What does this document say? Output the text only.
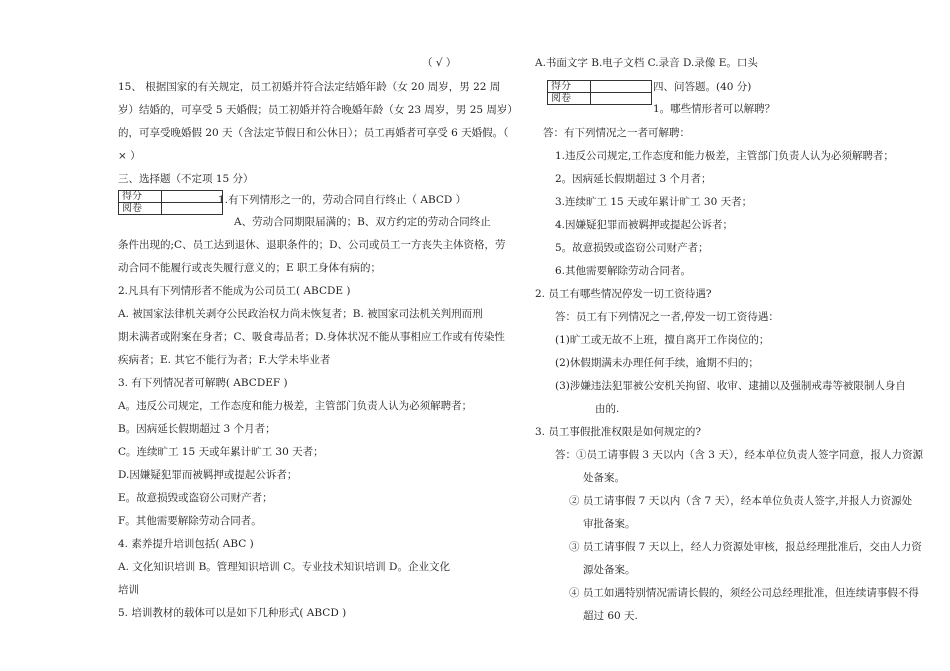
（ √ ）
15、 根据国家的有关规定，员工初婚并符合法定结婚年龄（女 20 周岁，男 22 周
岁）结婚的，可享受 5 天婚假；员工初婚并符合晚婚年龄（女 23 周岁，男 25 周岁）
的，可享受晚婚假 20 天（含法定节假日和公休日）；员工再婚者可享受 6 天婚假。（
× ）
三、选择题（不定项 15 分）
得分	
阅卷	
1.有下列情形之一的，劳动合同自行终止（ ABCD ）
A、劳动合同期限届满的；B、双方约定的劳动合同终止
条件出现的;C、员工达到退休、退职条件的；D、公司或员工一方丧失主体资格，劳
动合同不能履行或丧失履行意义的；E 职工身体有病的；
2.凡具有下列情形者不能成为公司员工( ABCDE )
A. 被国家法律机关剥夺公民政治权力尚未恢复者；B. 被国家司法机关判刑而刑
期未满者或附案在身者；C、吸食毒品者；D.身体状况不能从事相应工作或有传染性
疾病者；E. 其它不能行为者；F.大学未毕业者
3. 有下列情况者可解聘( ABCDEF )
A。违反公司规定，工作态度和能力极差，主管部门负责人认为必须解聘者；
B。因病延长假期超过 3 个月者；
C。连续旷工 15 天或年累计旷工 30 天者；
D.因嫌疑犯罪而被羁押或提起公诉者；
E。故意损毁或盗窃公司财产者；
F。其他需要解除劳动合同者。
4. 素养提升培训包括( ABC )
A. 文化知识培训 B。管理知识培训 C。专业技术知识培训 D。企业文化
培训
5. 培训教材的载体可以是如下几种形式( ABCD )
A.书面文字 B.电子文档 C.录音 D.录像 E。口头
得分	
阅卷	
四、问答题。(40 分)
1。哪些情形者可以解聘？
答：有下列情况之一者可解聘：
1.违反公司规定,工作态度和能力极差，主管部门负责人认为必须解聘者；
2。因病延长假期超过 3 个月者；
3.连续旷工 15 天或年累计旷工 30 天者；
4.因嫌疑犯罪而被羁押或提起公诉者；
5。故意损毁或盗窃公司财产者；
6.其他需要解除劳动合同者。
2. 员工有哪些情况停发一切工资待遇?
答：员工有下列情况之一者,停发一切工资待遇：
(1)旷工或无故不上班，擅自离开工作岗位的；
(2)休假期满未办理任何手续，逾期不归的；
(3)涉嫌违法犯罪被公安机关拘留、收审、逮捕以及强制戒毒等被限制人身自
由的.
3. 员工事假批准权限是如何规定的?
答：①员工请事假 3 天以内（含 3 天），经本单位负责人签字同意，报人力资源
处备案。
② 员工请事假 7 天以内（含 7 天），经本单位负责人签字,并报人力资源处
审批备案。
③ 员工请事假 7 天以上，经人力资源处审核，报总经理批准后，交由人力资
源处备案。
④ 员工如遇特别情况需请长假的，须经公司总经理批准，但连续请事假不得
超过 60 天.
